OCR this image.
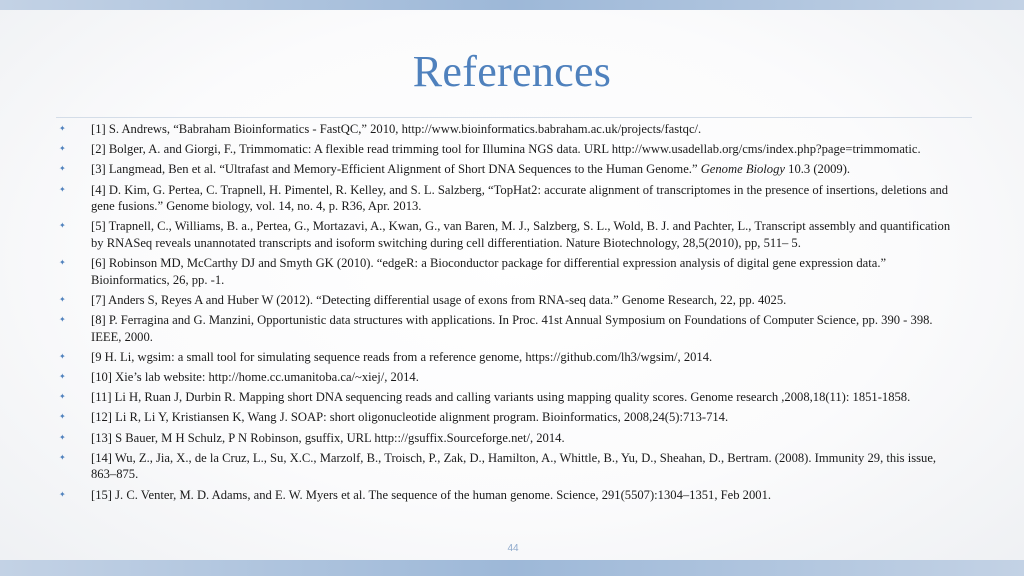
References
✦ [1] S. Andrews, “Babraham Bioinformatics - FastQC,” 2010, http://www.bioinformatics.babraham.ac.uk/projects/fastqc/.
✦ [2] Bolger, A. and Giorgi, F., Trimmomatic: A flexible read trimming tool for Illumina NGS data. URL http://www.usadellab.org/cms/index.php?page=trimmomatic.
✦ [3] Langmead, Ben et al. “Ultrafast and Memory-Efficient Alignment of Short DNA Sequences to the Human Genome.” Genome Biology 10.3 (2009).
✦ [4] D. Kim, G. Pertea, C. Trapnell, H. Pimentel, R. Kelley, and S. L. Salzberg, “TopHat2: accurate alignment of transcriptomes in the presence of insertions, deletions and gene fusions.” Genome biology, vol. 14, no. 4, p. R36, Apr. 2013.
✦ [5] Trapnell, C., Williams, B. a., Pertea, G., Mortazavi, A., Kwan, G., van Baren, M. J., Salzberg, S. L., Wold, B. J. and Pachter, L., Transcript assembly and quantification by RNASeq reveals unannotated transcripts and isoform switching during cell differentiation. Nature Biotechnology, 28,5(2010), pp, 511– 5.
✦ [6] Robinson MD, McCarthy DJ and Smyth GK (2010). “edgeR: a Bioconductor package for differential expression analysis of digital gene expression data.” Bioinformatics, 26, pp. -1.
✦ [7] Anders S, Reyes A and Huber W (2012). “Detecting differential usage of exons from RNA-seq data.” Genome Research, 22, pp. 4025.
✦ [8] P. Ferragina and G. Manzini, Opportunistic data structures with applications. In Proc. 41st Annual Symposium on Foundations of Computer Science, pp. 390 - 398. IEEE, 2000.
✦ [9 H. Li, wgsim: a small tool for simulating sequence reads from a reference genome, https://github.com/lh3/wgsim/, 2014.
✦ [10] Xie’s lab website: http://home.cc.umanitoba.ca/~xiej/, 2014.
✦ [11] Li H, Ruan J, Durbin R. Mapping short DNA sequencing reads and calling variants using mapping quality scores. Genome research ,2008,18(11): 1851-1858.
✦ [12] Li R, Li Y, Kristiansen K, Wang J. SOAP: short oligonucleotide alignment program. Bioinformatics, 2008,24(5):713-714.
✦ [13] S Bauer, M H Schulz, P N Robinson, gsuffix, URL http:://gsuffix.Sourceforge.net/, 2014.
✦ [14] Wu, Z., Jia, X., de la Cruz, L., Su, X.C., Marzolf, B., Troisch, P., Zak, D., Hamilton, A., Whittle, B., Yu, D., Sheahan, D., Bertram. (2008). Immunity 29, this issue, 863–875.
✦ [15] J. C. Venter, M. D. Adams, and E. W. Myers et al. The sequence of the human genome. Science, 291(5507):1304–1351, Feb 2001.
44
